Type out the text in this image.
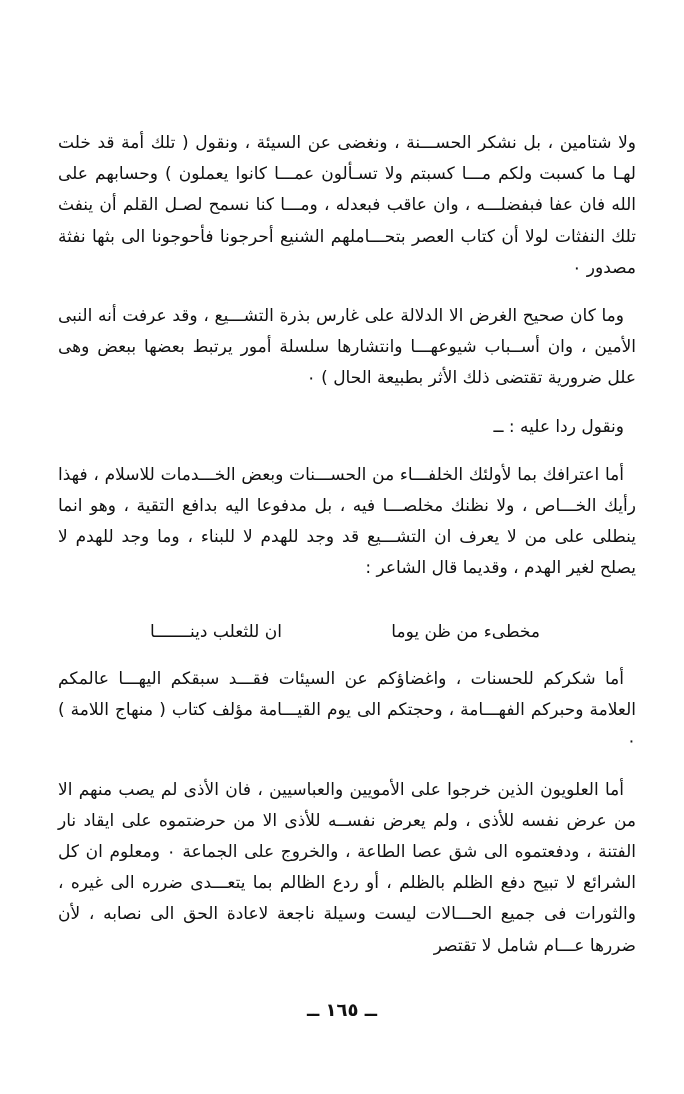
ولا شتامين ، بل نشكر الحســـنة ، ونغضى عن السيئة ، ونقول ( تلك أمة قد خلت لهـا ما كسبت ولكم مـــا كسبتم ولا تسـألون عمـــا كانوا يعملون ) وحسابهم على الله فان عفا فبفضلـــه ، وان عاقب فبعدله ، ومـــا كنا نسمح لصـل القلم أن ينفث تلك النفثات لولا أن كتاب العصر بتحـــاملهم الشنيع أحرجونا فأحوجونا الى بثها نفثة مصدور ٠

وما كان صحيح الغرض الا الدلالة على غارس بذرة التشـــيع ، وقد عرفت أنه النبى الأمين ، وان أســباب شيوعهـــا وانتشارها سلسلة أمور يرتبط بعضها ببعض وهى علل ضرورية تقتضى ذلك الأثر بطبيعة الحال ) ٠

ونقول ردا عليه : ــ

أما اعترافك بما لأولئك الخلفـــاء من الحســـنات وبعض الخـــدمات للاسلام ، فهذا رأيك الخـــاص ، ولا نظنك مخلصـــا فيه ، بل مدفوعا اليه بدافع التقية ، وهو انما ينطلى على من لا يعرف ان التشـــيع قد وجد للهدم لا للبناء ، وما وجد للهدم لا يصلح لغير الهدم ، وقديما قال الشاعر :

مخطىء من ظن يوما
ان للثعلب دينـــــــا

أما شكركم للحسنات ، واغضاؤكم عن السيئات فقـــد سبقكم اليهـــا عالمكم العلامة وحبركم الفهـــامة ، وحجتكم الى يوم القيـــامة مؤلف كتاب ( منهاج اللامة ) ٠

أما العلويون الذين خرجوا على الأمويين والعباسيين ، فان الأذى لم يصب منهم الا من عرض نفسه للأذى ، ولم يعرض نفســه للأذى الا من حرضتموه على ايقاد نار الفتنة ، ودفعتموه الى شق عصا الطاعة ، والخروج على الجماعة ٠ ومعلوم ان كل الشرائع لا تبيح دفع الظلم بالظلم ، أو ردع الظالم بما يتعـــدى ضرره الى غيره ، والثورات فى جميع الحـــالات ليست وسيلة ناجعة لاعادة الحق الى نصابه ، لأن ضررها عـــام شامل لا تقتصر

ــ ١٦٥ ــ
